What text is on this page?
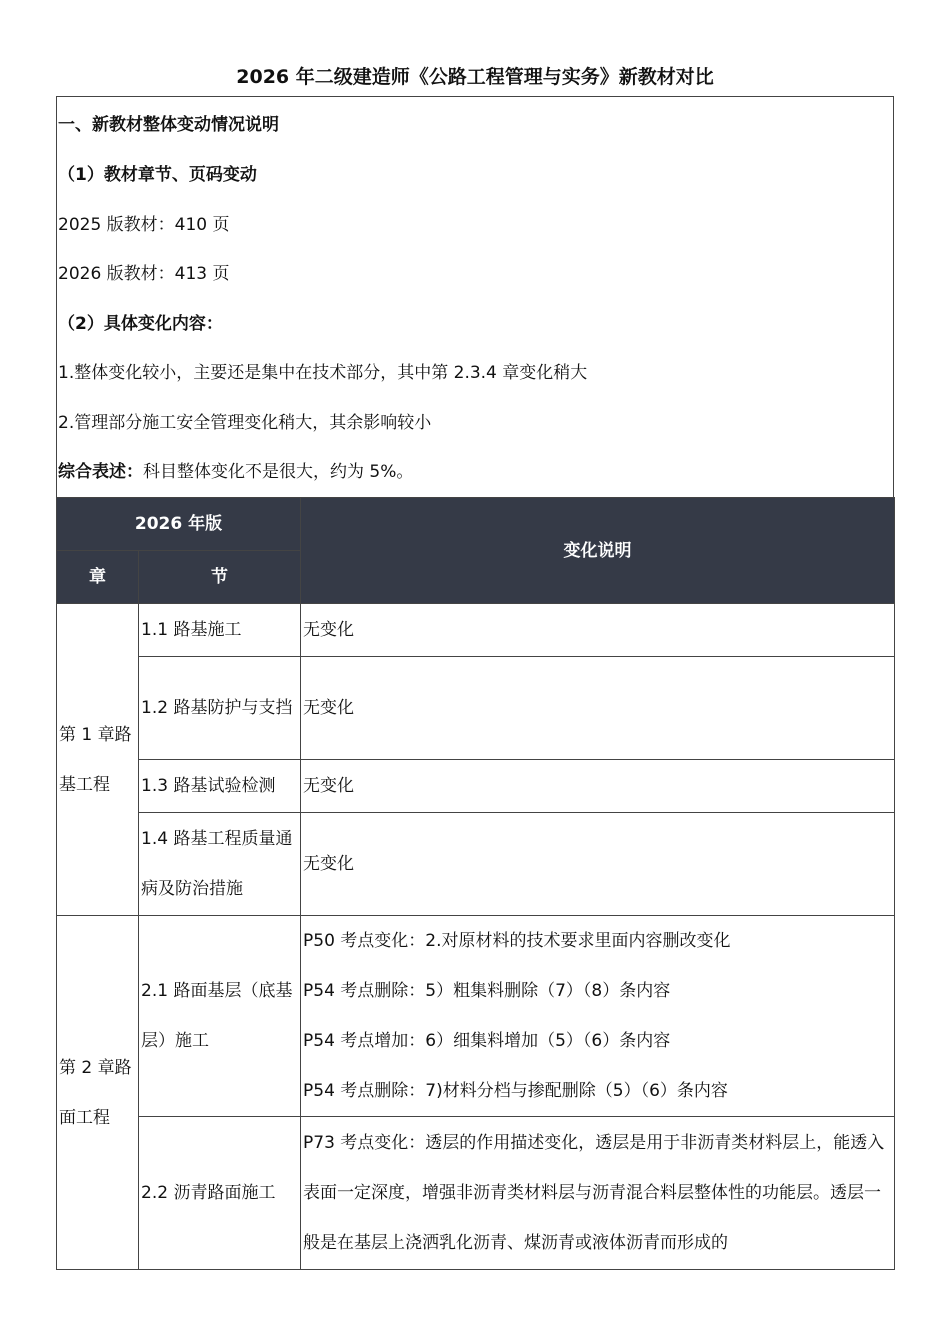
2026 年二级建造师《公路工程管理与实务》新教材对比
一、新教材整体变动情况说明
（1）教材章节、页码变动
2025 版教材：410 页
2026 版教材：413 页
（2）具体变化内容：
1.整体变化较小，主要还是集中在技术部分，其中第 2.3.4 章变化稍大
2.管理部分施工安全管理变化稍大，其余影响较小
综合表述：科目整体变化不是很大，约为 5%。
2026 年版		变化说明
章	节	
第 1 章路基工程	1.1 路基施工	无变化
	1.2 路基防护与支挡	无变化
	1.3 路基试验检测	无变化
	1.4 路基工程质量通病及防治措施	无变化
第 2 章路面工程	2.1 路面基层（底基层）施工	P50 考点变化：2.对原材料的技术要求里面内容删改变化
P54 考点删除：5）粗集料删除（7）（8）条内容
P54 考点增加：6）细集料增加（5）（6）条内容
P54 考点删除：7)材料分档与掺配删除（5）（6）条内容

	2.2 沥青路面施工	P73 考点变化：透层的作用描述变化，透层是用于非沥青类材料层上，能透入表面一定深度，增强非沥青类材料层与沥青混合料层整体性的功能层。透层一般是在基层上浇洒乳化沥青、煤沥青或液体沥青而形成的
